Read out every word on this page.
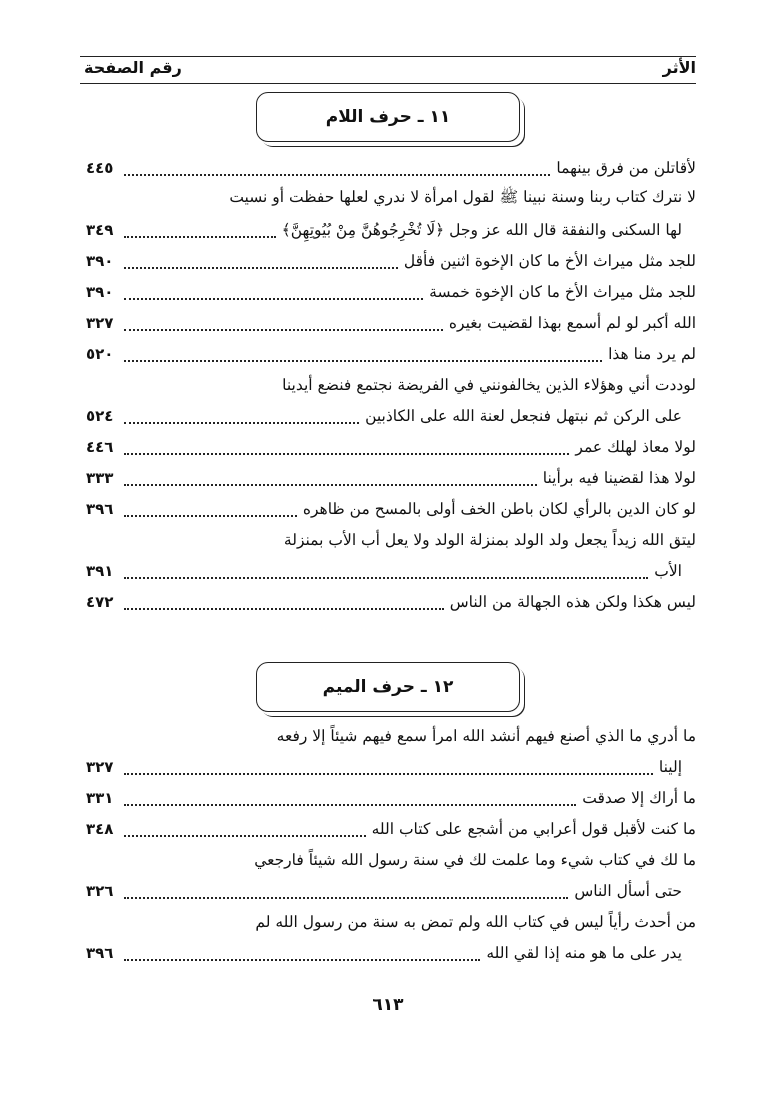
الأثر
رقم الصفحة
١١ ـ حرف اللام
لأقاتلن من فرق بينهما
٤٤٥
لا نترك كتاب ربنا وسنة نبينا ﷺ لقول امرأة لا ندري لعلها حفظت أو نسيت
لها السكنى والنفقة قال الله عز وجل ﴿لَا تُخْرِجُوهُنَّ مِنْ بُيُوتِهِنَّ﴾
٣٤٩
للجد مثل ميراث الأخ ما كان الإخوة اثنين فأقل
٣٩٠
للجد مثل ميراث الأخ ما كان الإخوة خمسة
٣٩٠
الله أكبر لو لم أسمع بهذا لقضيت بغيره
٣٢٧
لم يرد منا هذا
٥٢٠
لوددت أني وهؤلاء الذين يخالفونني في الفريضة نجتمع فنضع أيدينا
على الركن ثم نبتهل فنجعل لعنة الله على الكاذبين
٥٢٤
لولا معاذ لهلك عمر
٤٤٦
لولا هذا لقضينا فيه برأينا
٣٣٣
لو كان الدين بالرأي لكان باطن الخف أولى بالمسح من ظاهره
٣٩٦
ليتق الله زيداً يجعل ولد الولد بمنزلة الولد ولا يعل أب الأب بمنزلة
الأب
٣٩١
ليس هكذا ولكن هذه الجهالة من الناس
٤٧٢
١٢ ـ حرف الميم
ما أدري ما الذي أصنع فيهم أنشد الله امرأ سمع فيهم شيئاً إلا رفعه
إلينا
٣٢٧
ما أراك إلا صدقت
٣٣١
ما كنت لأقبل قول أعرابي من أشجع على كتاب الله
٣٤٨
ما لك في كتاب شيء وما علمت لك في سنة رسول الله شيئاً فارجعي
حتى أسأل الناس
٣٢٦
من أحدث رأياً ليس في كتاب الله ولم تمض به سنة من رسول الله لم
يدر على ما هو منه إذا لقي الله
٣٩٦
٦١٣
